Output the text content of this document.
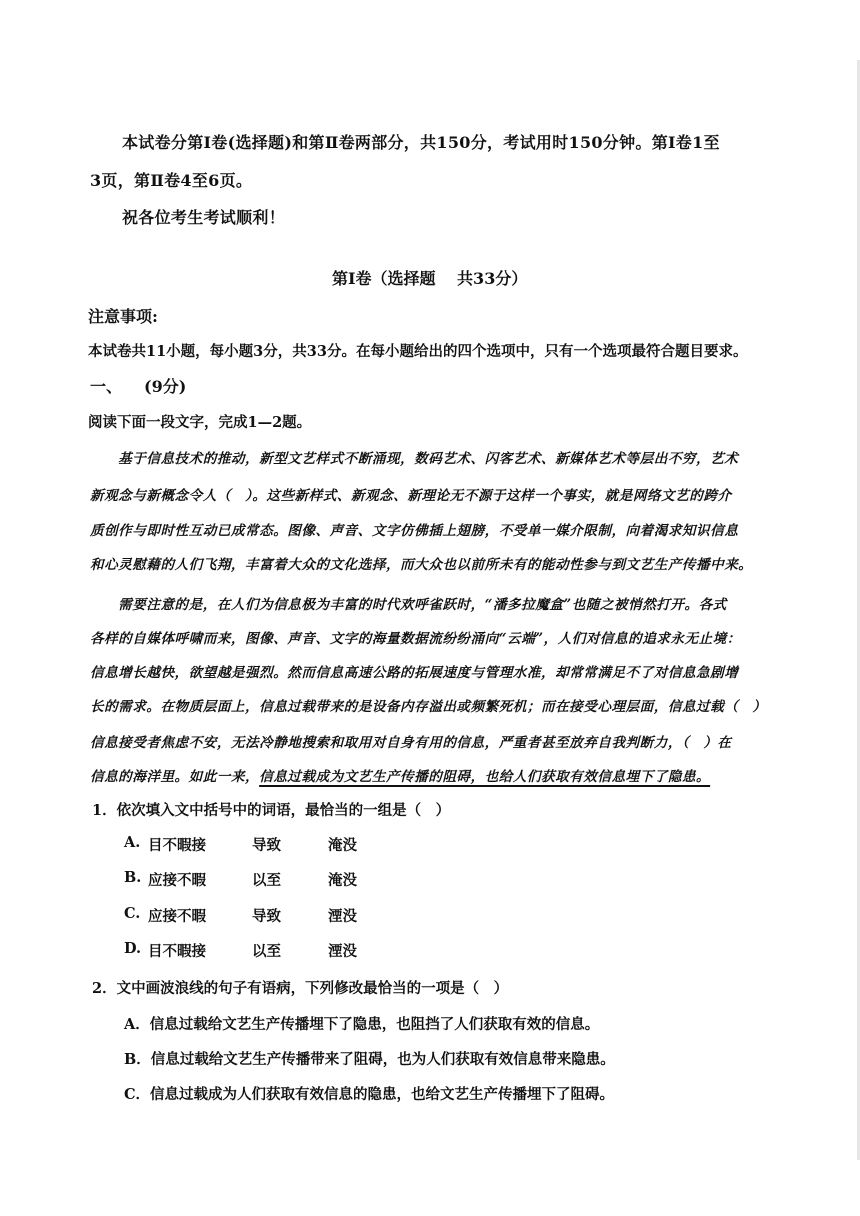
本试卷分第Ⅰ卷(选择题)和第Ⅱ卷两部分，共150分，考试用时150分钟。第Ⅰ卷1至
3页，第Ⅱ卷4至6页。
祝各位考生考试顺利！
第Ⅰ卷（选择题　 共33分）
注意事项:
本试卷共11小题，每小题3分，共33分。在每小题给出的四个选项中，只有一个选项最符合题目要求。
一、 (9分)
阅读下面一段文字，完成1—2题。
　　基于信息技术的推动，新型文艺样式不断涌现，数码艺术、闪客艺术、新媒体艺术等层出不穷，艺术
新观念与新概念令人（　）。这些新样式、新观念、新理论无不源于这样一个事实，就是网络文艺的跨介
质创作与即时性互动已成常态。图像、声音、文字仿佛插上翅膀，不受单一媒介限制，向着渴求知识信息
和心灵慰藉的人们飞翔，丰富着大众的文化选择，而大众也以前所未有的能动性参与到文艺生产传播中来。
　　需要注意的是，在人们为信息极为丰富的时代欢呼雀跃时，“潘多拉魔盒”也随之被悄然打开。各式
各样的自媒体呼啸而来，图像、声音、文字的海量数据流纷纷涌向“云端”，人们对信息的追求永无止境：
信息增长越快，欲望越是强烈。然而信息高速公路的拓展速度与管理水准，却常常满足不了对信息急剧增
长的需求。在物质层面上，信息过载带来的是设备内存溢出或频繁死机；而在接受心理层面，信息过载（　）
信息接受者焦虑不安，无法冷静地搜索和取用对自身有用的信息，严重者甚至放弃自我判断力，（　）在
信息的海洋里。如此一来，信息过载成为文艺生产传播的阻碍，也给人们获取有效信息埋下了隐患。
1．依次填入文中括号中的词语，最恰当的一组是（　）
A. 目不暇接	导致	淹没
B. 应接不暇	以至	淹没
C. 应接不暇	导致	湮没
D. 目不暇接	以至	湮没
2．文中画波浪线的句子有语病，下列修改最恰当的一项是（　）
A．信息过载给文艺生产传播埋下了隐患，也阻挡了人们获取有效的信息。
B．信息过载给文艺生产传播带来了阻碍，也为人们获取有效信息带来隐患。
C．信息过载成为人们获取有效信息的隐患，也给文艺生产传播埋下了阻碍。
